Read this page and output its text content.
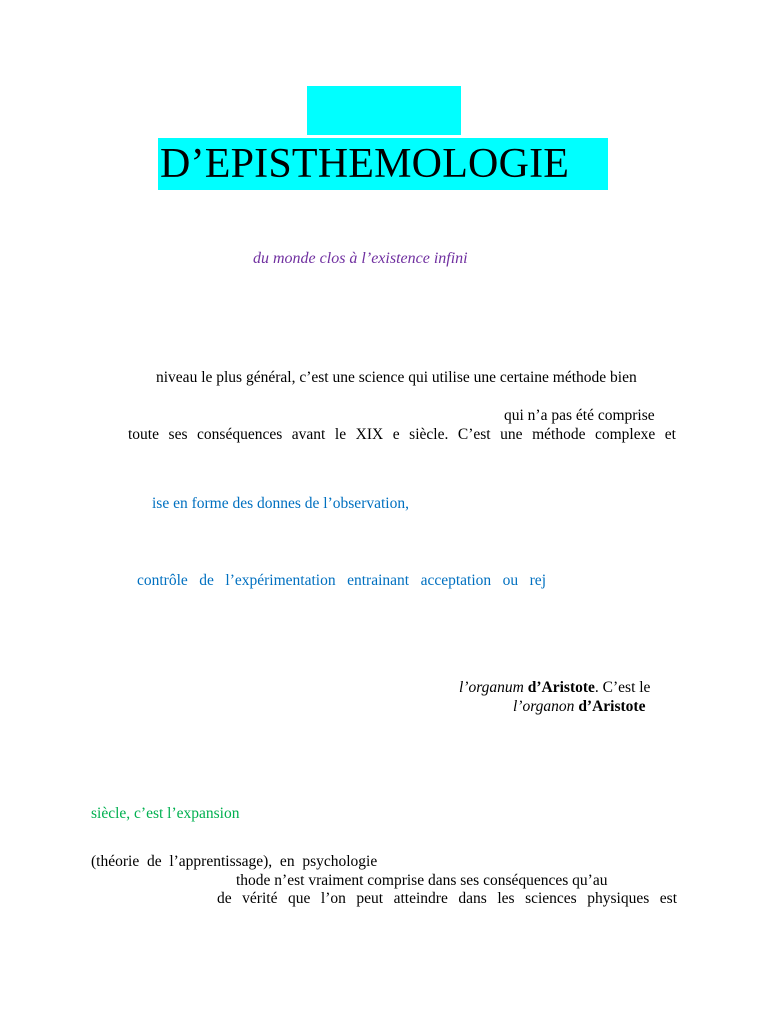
D’EPISTHEMOLOGIE
du monde clos à l’existence infini
niveau le plus général, c’est une science qui utilise une certaine méthode bien
qui n’a pas été comprise
toute ses conséquences avant le XIX e siècle. C’est une méthode complexe et
ise en forme des donnes de l’observation,
contrôle de l’expérimentation entrainant acceptation ou rej
l’organum d’Aristote. C’est le
l’organon d’Aristote
siècle, c’est l’expansion
(théorie  de  l’apprentissage),  en  psychologie
thode n’est vraiment comprise dans ses conséquences qu’au
de vérité que l’on peut atteindre dans les sciences physiques est
